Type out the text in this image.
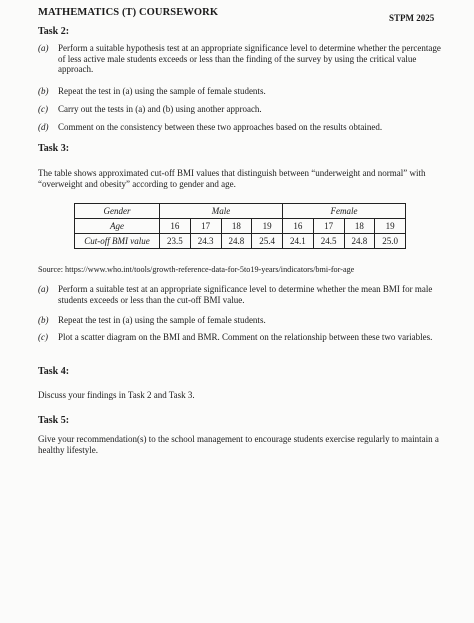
MATHEMATICS (T) COURSEWORK	STPM 2025
Task 2:
(a)	Perform a suitable hypothesis test at an appropriate significance level to determine whether the percentage of less active male students exceeds or less than the finding of the survey by using the critical value approach.
(b)	Repeat the test in (a) using the sample of female students.
(c)	Carry out the tests in (a) and (b) using another approach.
(d)	Comment on the consistency between these two approaches based on the results obtained.
Task 3:
The table shows approximated cut-off BMI values that distinguish between “underweight and normal” with “overweight and obesity” according to gender and age.
Gender	Male				Female			
Age	16	17	18	19	16	17	18	19
Cut-off BMI value	23.5	24.3	24.8	25.4	24.1	24.5	24.8	25.0
Source: https://www.who.int/tools/growth-reference-data-for-5to19-years/indicators/bmi-for-age
(a)	Perform a suitable test at an appropriate significance level to determine whether the mean BMI for male students exceeds or less than the cut-off BMI value.
(b)	Repeat the test in (a) using the sample of female students.
(c)	Plot a scatter diagram on the BMI and BMR. Comment on the relationship between these two variables.
Task 4:
Discuss your findings in Task 2 and Task 3.
Task 5:
Give your recommendation(s) to the school management to encourage students exercise regularly to maintain a healthy lifestyle.
